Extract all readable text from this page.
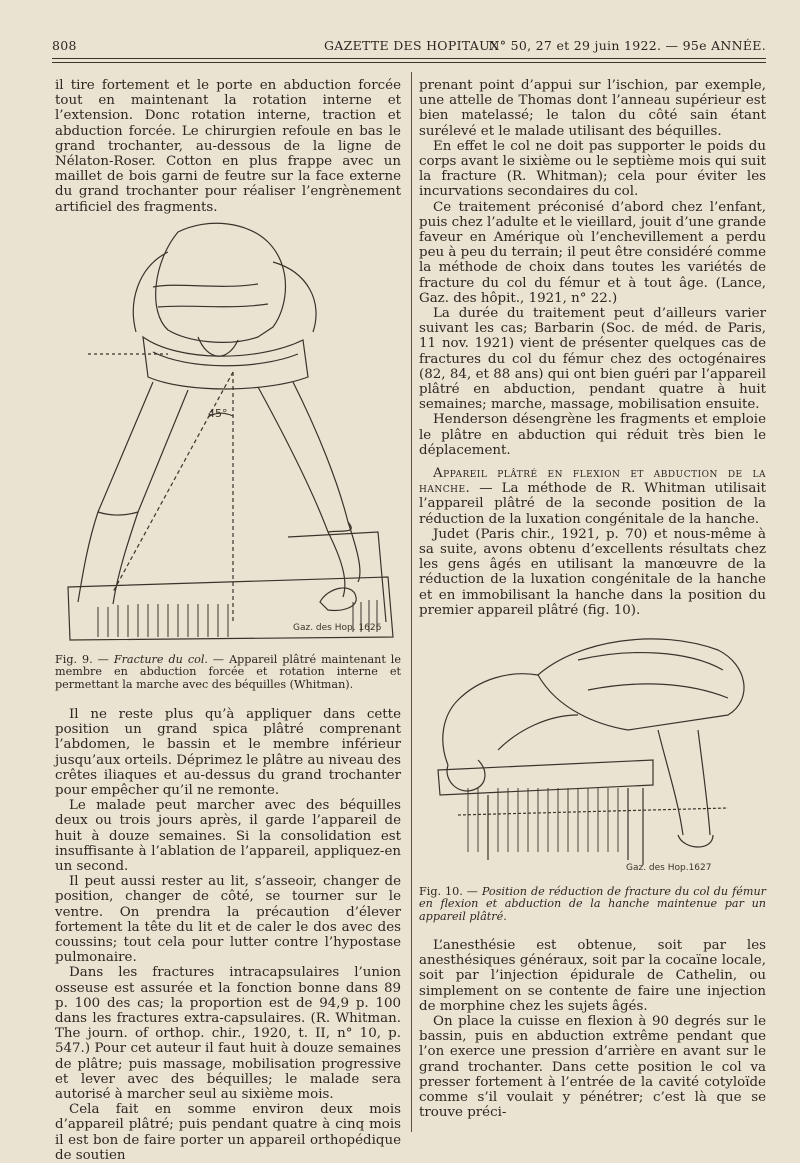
808	GAZETTE DES HOPITAUX
N° 50, 27 et 29 juin 1922. — 95e ANNÉE.

il tire fortement et le porte en abduction forcée tout en maintenant la rotation interne et l’extension. Donc rotation interne, traction et abduction forcée. Le chirurgien refoule en bas le grand trochanter, au-dessous de la ligne de Nélaton-Roser. Cotton en plus frappe avec un maillet de bois garni de feutre sur la face externe du grand trochanter pour réaliser l’engrènement artificiel des fragments.

45°
Gaz. des Hop. 1626

Fig. 9. — Fracture du col. — Appareil plâtré maintenant le membre en abduction forcée et rotation interne et permettant la marche avec des béquilles (Whitman).

Il ne reste plus qu’à appliquer dans cette position un grand spica plâtré comprenant l’abdomen, le bassin et le membre inférieur jusqu’aux orteils. Déprimez le plâtre au niveau des crêtes iliaques et au-dessus du grand trochanter pour empêcher qu’il ne remonte.

Le malade peut marcher avec des béquilles deux ou trois jours après, il garde l’appareil de huit à douze semaines. Si la consolidation est insuffisante à l’ablation de l’appareil, appliquez-en un second.

Il peut aussi rester au lit, s’asseoir, changer de position, changer de côté, se tourner sur le ventre. On prendra la précaution d’élever fortement la tête du lit et de caler le dos avec des coussins; tout cela pour lutter contre l’hypostase pulmonaire.

Dans les fractures intracapsulaires l’union osseuse est assurée et la fonction bonne dans 89 p. 100 des cas; la proportion est de 94,9 p. 100 dans les fractures extra-capsulaires. (R. Whitman. The journ. of orthop. chir., 1920, t. II, n° 10, p. 547.) Pour cet auteur il faut huit à douze semaines de plâtre; puis massage, mobilisation progressive et lever avec des béquilles; le malade sera autorisé à marcher seul au sixième mois.

Cela fait en somme environ deux mois d’appareil plâtré; puis pendant quatre à cinq mois il est bon de faire porter un appareil orthopédique de soutien

prenant point d’appui sur l’ischion, par exemple, une attelle de Thomas dont l’anneau supérieur est bien matelassé; le talon du côté sain étant surélevé et le malade utilisant des béquilles.

En effet le col ne doit pas supporter le poids du corps avant le sixième ou le septième mois qui suit la fracture (R. Whitman); cela pour éviter les incurvations secondaires du col.

Ce traitement préconisé d’abord chez l’enfant, puis chez l’adulte et le vieillard, jouit d’une grande faveur en Amérique où l’enchevillement a perdu peu à peu du terrain; il peut être considéré comme la méthode de choix dans toutes les variétés de fracture du col du fémur et à tout âge. (Lance, Gaz. des hôpit., 1921, n° 22.)

La durée du traitement peut d’ailleurs varier suivant les cas; Barbarin (Soc. de méd. de Paris, 11 nov. 1921) vient de présenter quelques cas de fractures du col du fémur chez des octogénaires (82, 84, et 88 ans) qui ont bien guéri par l’appareil plâtré en abduction, pendant quatre à huit semaines; marche, massage, mobilisation ensuite.

Henderson désengrène les fragments et emploie le plâtre en abduction qui réduit très bien le déplacement.

Appareil plâtré en flexion et abduction de la hanche. — La méthode de R. Whitman utilisait l’appareil plâtré de la seconde position de la réduction de la luxation congénitale de la hanche.

Judet (Paris chir., 1921, p. 70) et nous-même à sa suite, avons obtenu d’excellents résultats chez les gens âgés en utilisant la manœuvre de la réduction de la luxation congénitale de la hanche et en immobilisant la hanche dans la position du premier appareil plâtré (fig. 10).

Gaz. des Hop.1627

Fig. 10. — Position de réduction de fracture du col du fémur en flexion et abduction de la hanche maintenue par un appareil plâtré.

L’anesthésie est obtenue, soit par les anesthésiques généraux, soit par la cocaïne locale, soit par l’injection épidurale de Cathelin, ou simplement on se contente de faire une injection de morphine chez les sujets âgés.

On place la cuisse en flexion à 90 degrés sur le bassin, puis en abduction extrême pendant que l’on exerce une pression d’arrière en avant sur le grand trochanter. Dans cette position le col va presser fortement à l’entrée de la cavité cotyloïde comme s’il voulait y pénétrer; c’est là que se trouve préci-
